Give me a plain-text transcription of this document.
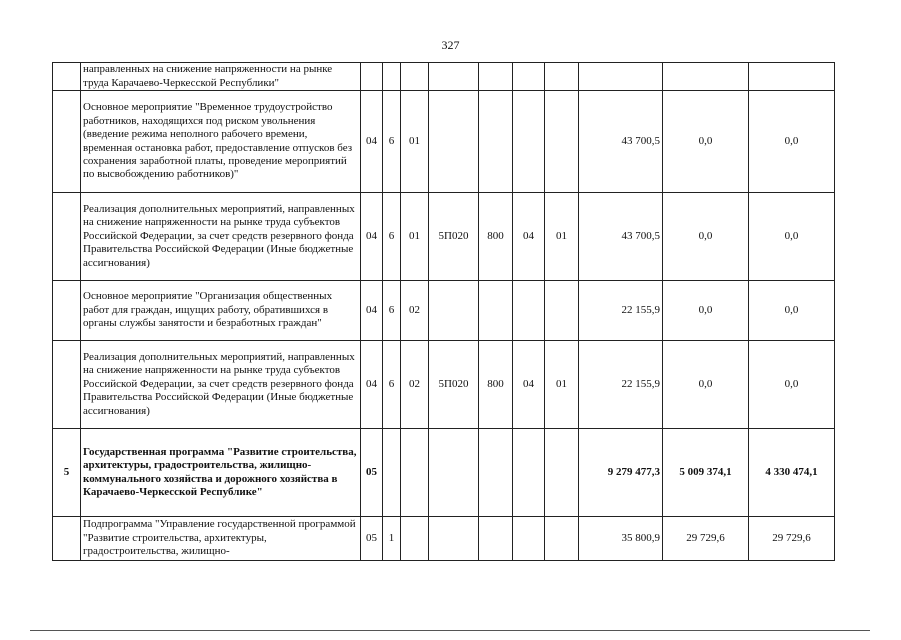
327
	направленных на снижение напряженности на рынке труда Карачаево-Черкесской Республики"										
	Основное мероприятие "Временное трудоустройство работников, находящихся под риском увольнения (введение режима неполного рабочего времени, временная остановка работ, предоставление отпусков без сохранения заработной платы, проведение мероприятий по высвобождению работников)"	04	6	01					43 700,5	0,0	0,0
	Реализация дополнительных мероприятий, направленных на снижение напряженности на рынке труда субъектов Российской Федерации, за счет средств резервного фонда Правительства Российской Федерации (Иные бюджетные ассигнования)	04	6	01	5П020	800	04	01	43 700,5	0,0	0,0
	Основное мероприятие "Организация общественных работ для граждан, ищущих работу, обратившихся в органы службы занятости и безработных граждан"	04	6	02					22 155,9	0,0	0,0
	Реализация дополнительных мероприятий, направленных на снижение напряженности на рынке труда субъектов Российской Федерации, за счет средств резервного фонда Правительства Российской Федерации (Иные бюджетные ассигнования)	04	6	02	5П020	800	04	01	22 155,9	0,0	0,0
5	Государственная программа "Развитие строительства, архитектуры, градостроительства, жилищно-коммунального хозяйства и дорожного хозяйства в Карачаево-Черкесской Республике"	05							9 279 477,3	5 009 374,1	4 330 474,1
	Подпрограмма "Управление государственной программой "Развитие строительства, архитектуры, градостроительства, жилищно-	05	1						35 800,9	29 729,6	29 729,6
